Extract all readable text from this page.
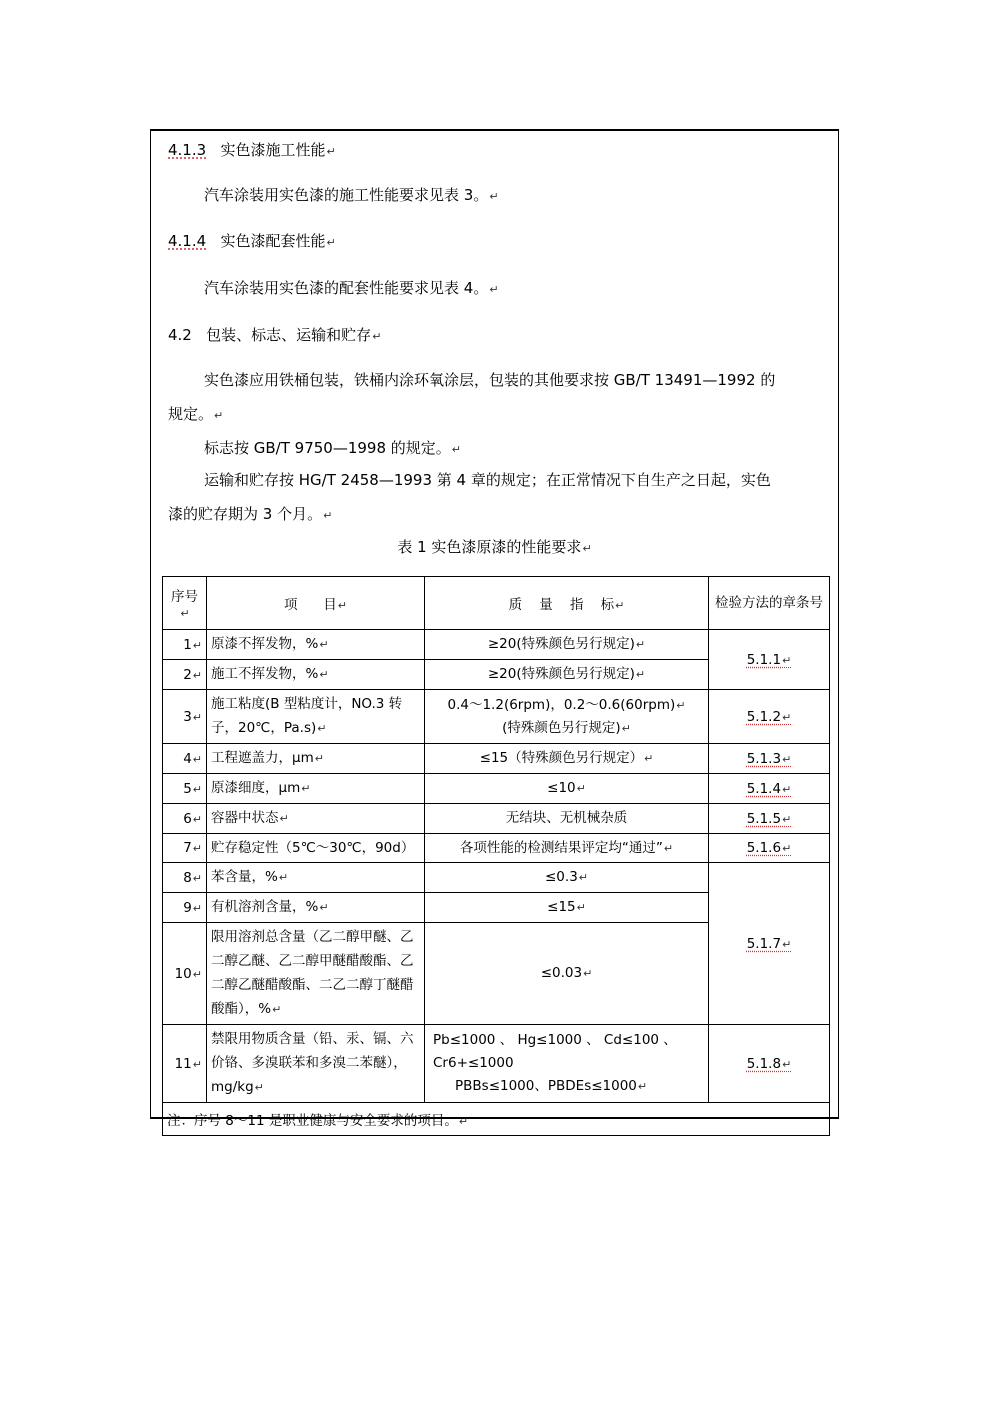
4.1.3 实色漆施工性能↵
汽车涂装用实色漆的施工性能要求见表 3。↵
4.1.4 实色漆配套性能↵
汽车涂装用实色漆的配套性能要求见表 4。↵
4.2 包装、标志、运输和贮存↵
实色漆应用铁桶包装，铁桶内涂环氧涂层，包装的其他要求按 GB/T 13491—1992 的
规定。↵
标志按 GB/T 9750—1998 的规定。↵
运输和贮存按 HG/T 2458—1993 第 4 章的规定；在正常情况下自生产之日起，实色
漆的贮存期为 3 个月。↵
表 1 实色漆原漆的性能要求↵
序号↵	项      目↵	质    量    指    标↵	检验方法的章条号
1↵	原漆不挥发物，%↵	≥20(特殊颜色另行规定)↵	5.1.1↵
2↵	施工不挥发物，%↵	≥20(特殊颜色另行规定)↵	
3↵	施工粘度(B 型粘度计，NO.3 转子，20℃，Pa.s)↵	0.4～1.2(6rpm)，0.2～0.6(60rpm)↵
(特殊颜色另行规定)↵	5.1.2↵
4↵	工程遮盖力，μm↵	≤15（特殊颜色另行规定）↵	5.1.3↵
5↵	原漆细度，μm↵	≤10↵	5.1.4↵
6↵	容器中状态↵	无结块、无机械杂质	5.1.5↵
7↵	贮存稳定性（5℃～30℃，90d）	各项性能的检测结果评定均“通过”↵	5.1.6↵
8↵	苯含量，%↵	≤0.3↵	5.1.7↵
9↵	有机溶剂含量，%↵	≤15↵	
10↵	限用溶剂总含量（乙二醇甲醚、乙二醇乙醚、乙二醇甲醚醋酸酯、乙二醇乙醚醋酸酯、二乙二醇丁醚醋酸酯），%↵	≤0.03↵	
11↵	禁限用物质含量（铅、汞、镉、六价铬、多溴联苯和多溴二苯醚），mg/kg↵	Pb≤1000 、 Hg≤1000 、 Cd≤100 、
Cr6+≤1000
PBBs≤1000、PBDEs≤1000↵	5.1.8↵
注：序号 8～11 是职业健康与安全要求的项目。↵			
